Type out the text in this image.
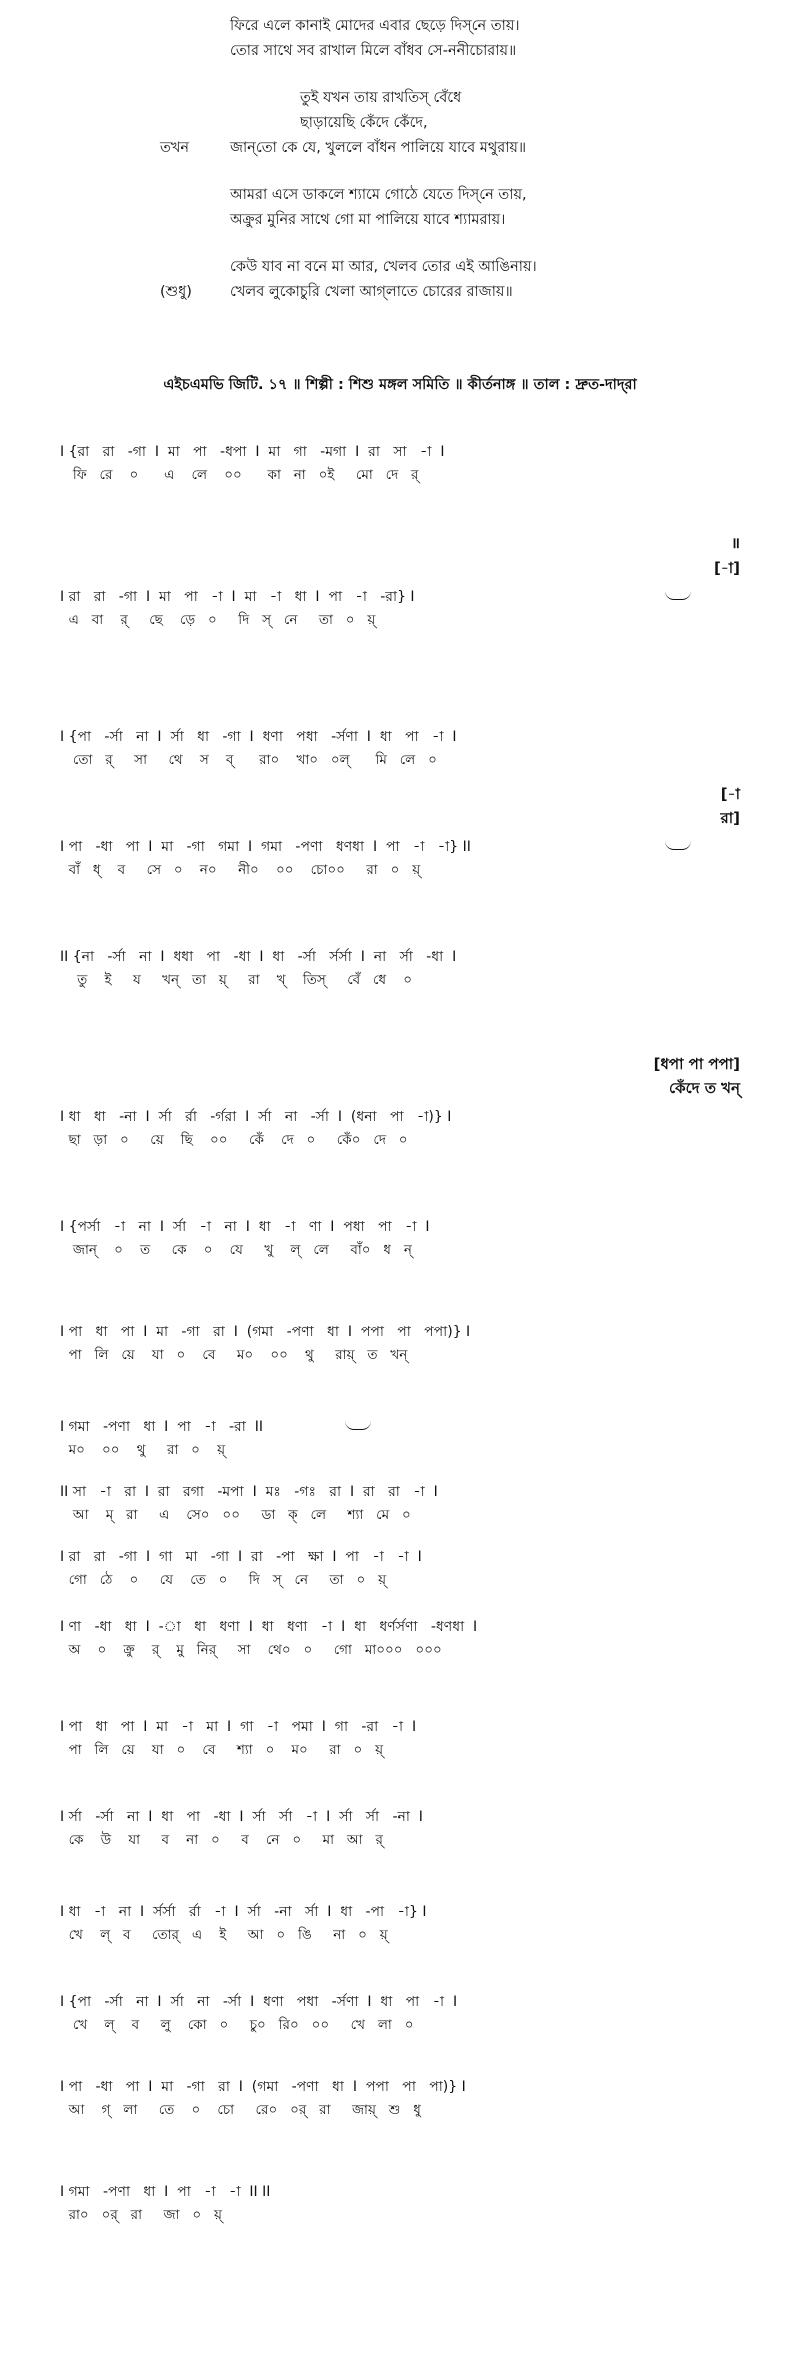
ফিরে এলে কানাই মোদের এবার ছেড়ে দিস্‌নে তায়।
তোর সাথে সব রাখাল মিলে বাঁধব সে-ননীচোরায়॥
তুই যখন তায় রাখতিস্‌ বেঁধে
ছাড়ায়েছি কেঁদে কেঁদে,
তখন	জান্‌তো কে যে, খুললে বাঁধন পালিয়ে যাবে মথুরায়॥
আমরা এসে ডাকলে শ্যামে গোঠে যেতে দিস্‌নে তায়,
অক্রুর মুনির সাথে গো মা পালিয়ে যাবে শ্যামরায়।
কেউ যাব না বনে মা আর, খেলব তোর এই আঙিনায়।
(শুধু)	খেলব লুকোচুরি খেলা আগ্‌লাতে চোরের রাজায়॥
এইচএমভি জিটি. ১৭ ॥ শিল্পী : শিশু মঙ্গল সমিতি ॥ কীর্তনাঙ্গ ॥ তাল : দ্রুত-দাদ্‌রা
I {রা   রা   -গা  I  মা   পা   -ধপা  I  মা   গা   -মগা  I  রা   সা   -া  I
ফি   রে    ০      এ    লে    ০০      কা   না   ০ই     মো   দে   র্
I রা   রা   -গা  I  মা   পা   -া  I  মা   -া   ধা  I  পা   -া   -রা} I
এ   বা    র্     ছে    ড়ে   ০     দি   স্   নে     তা   ০   য়্
॥
[-া]
I {পা   -র্সা   না  I  র্সা   ধা   -গা  I  ধণা   পধা   -র্সণা  I  ধা   পা   -া  I
তো   র্     সা     থে    স    ব্      রা০    খা০   ০ল্      মি   লে   ০
I পা   -ধা   পা  I  মা   -গা   গমা  I  গমা   -পণা   ধণধা  I  পা   -া   -া} II
বাঁ   ধ্    ব     সে   ০    ন০     নী০    ০০    চো০০     রা   ০   য়্
[-া
রা]
II {না   -র্সা   না  I  ধধা   পা   -ধা  I  ধা   -র্সা   র্সর্সা  I  না   র্সা   -ধা  I
তু    ই     য     খন্   তা   য়্     রা    খ্    তিস্     বেঁ   ধে    ০
I ধা   ধা   -না  I  র্সা   র্রা   -র্গরা  I  র্সা   না   -র্সা  I  (ধনা   পা   -া)} I
ছা   ড়া   ০     য়ে    ছি    ০০     কেঁ    দে   ০     কেঁ০   দে   ০
[ধপা পা পপা]
কেঁদে ত খন্
I {পর্সা   -া   না  I  র্সা   -া   না  I  ধা   -া   ণা  I  পধা   পা   -া  I
জান্    ০    ত     কে    ০    যে     খু    ল্   লে     বাঁ০   ধ   ন্
I পা   ধা   পা  I  মা   -গা   রা  I  (গমা   -পণা   ধা  I  পপা   পা   পপা)} I
পা   লি   য়ে    যা   ০    বে     ম০    ০০    থু     রায়্   ত   খন্
I গমা   -পণা   ধা  I  পা   -া   -রা  II
ম০    ০০    থু     রা   ০    য়্
II সা   -া   রা  I  রা   রগা   -মপা  I  মঃ   -গঃ   রা  I  রা   রা   -া  I
আ    ম্   রা     এ    সে০   ০০     ডা   ক্   লে     শ্যা   মে   ০
I রা   রা   -গা  I  গা   মা   -গা  I  রা   -পা   ক্ষা  I  পা   -া   -া  I
গো   ঠে    ০     যে    তে   ০     দি   স্   নে     তা   ০   য়্
I ণা   -ধা   ধা  I  -া   ধা   ধণা  I  ধা   ধণা   -া  I  ধা   ধর্ণর্সণা   -ধণধা  I
অ    ০    ক্রু    র্    মু   নির্     সা    থে০   ০     গো   মা০০০   ০০০
I পা   ধা   পা  I  মা   -া   মা  I  গা   -া   পমা  I  গা   -রা   -া  I
পা   লি   য়ে    যা   ০    বে     শ্যা   ০    ম০     রা   ০   য়্
I র্সা   -র্সা   না  I  ধা   পা   -ধা  I  র্সা   র্সা   -া  I  র্সা   র্সা   -না  I
কে    উ    যা     ব    না   ০     ব    নে   ০     মা   আ   র্
I ধা   -া   না  I  র্সর্সা   র্রা   -া  I  র্সা   -না   র্সা  I  ধা   -পা   -া} I
খে    ল্   ব     তোর্   এ    ই     আ   ০   ঙি     না   ০   য়্
I {পা   -র্সা   না  I  র্সা   না   -র্সা  I  ধণা   পধা   -র্সণা  I  ধা   পা   -া  I
খে    ল্    ব     লু    কো   ০     চু০   রি০   ০০     খে   লা   ০
I পা   -ধা   পা  I  মা   -গা   রা  I  (গমা   -পণা   ধা  I  পপা   পা   পা)} I
আ    গ্   লা     তে    ০    চো     রে০   ০র্   রা     জায়্   শু   ধু
I গমা   -পণা   ধা  I  পা   -া   -া  II II
রা০   ০র্   রা     জা   ০   য়্
